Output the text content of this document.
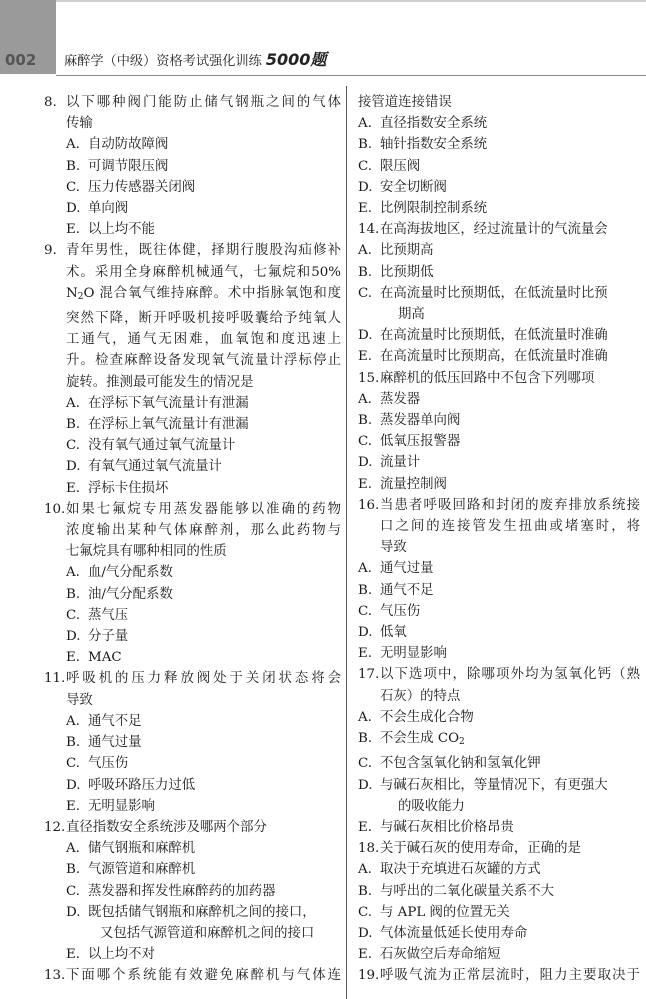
002	麻醉学（中级）资格考试强化训练 5000题
8. 以下哪种阀门能防止储气钢瓶之间的气体
传输
A. 自动防故障阀
B. 可调节限压阀
C. 压力传感器关闭阀
D. 单向阀
E. 以上均不能
9. 青年男性，既往体健，择期行腹股沟疝修补
术。采用全身麻醉机械通气，七氟烷和50%
$N_2O$ 混合氧气维持麻醉。术中指脉氧饱和度
突然下降，断开呼吸机接呼吸囊给予纯氧人
工通气，通气无困难，血氧饱和度迅速上
升。检查麻醉设备发现氧气流量计浮标停止
旋转。推测最可能发生的情况是
A. 在浮标下氧气流量计有泄漏
B. 在浮标上氧气流量计有泄漏
C. 没有氧气通过氧气流量计
D. 有氧气通过氧气流量计
E. 浮标卡住损坏
10. 如果七氟烷专用蒸发器能够以准确的药物
浓度输出某种气体麻醉剂，那么此药物与
七氟烷具有哪种相同的性质
A. 血/气分配系数
B. 油/气分配系数
C. 蒸气压
D. 分子量
E. MAC
11. 呼吸机的压力释放阀处于关闭状态将会
导致
A. 通气不足
B. 通气过量
C. 气压伤
D. 呼吸环路压力过低
E. 无明显影响
12. 直径指数安全系统涉及哪两个部分
A. 储气钢瓶和麻醉机
B. 气源管道和麻醉机
C. 蒸发器和挥发性麻醉药的加药器
D. 既包括储气钢瓶和麻醉机之间的接口，
又包括气源管道和麻醉机之间的接口
E. 以上均不对
13. 下面哪个系统能有效避免麻醉机与气体连
接管道连接错误
A. 直径指数安全系统
B. 轴针指数安全系统
C. 限压阀
D. 安全切断阀
E. 比例限制控制系统
14. 在高海拔地区，经过流量计的气流量会
A. 比预期高
B. 比预期低
C. 在高流量时比预期低，在低流量时比预
期高
D. 在高流量时比预期低，在低流量时准确
E. 在高流量时比预期高，在低流量时准确
15. 麻醉机的低压回路中不包含下列哪项
A. 蒸发器
B. 蒸发器单向阀
C. 低氧压报警器
D. 流量计
E. 流量控制阀
16. 当患者呼吸回路和封闭的废弃排放系统接
口之间的连接管发生扭曲或堵塞时，将
导致
A. 通气过量
B. 通气不足
C. 气压伤
D. 低氧
E. 无明显影响
17. 以下选项中，除哪项外均为氢氧化钙（熟
石灰）的特点
A. 不会生成化合物
B. 不会生成 $CO_2$
C. 不包含氢氧化钠和氢氧化钾
D. 与碱石灰相比，等量情况下，有更强大
的吸收能力
E. 与碱石灰相比价格昂贵
18. 关于碱石灰的使用寿命，正确的是
A. 取决于充填进石灰罐的方式
B. 与呼出的二氧化碳量关系不大
C. 与 APL 阀的位置无关
D. 气体流量低延长使用寿命
E. 石灰做空后寿命缩短
19. 呼吸气流为正常层流时，阻力主要取决于
